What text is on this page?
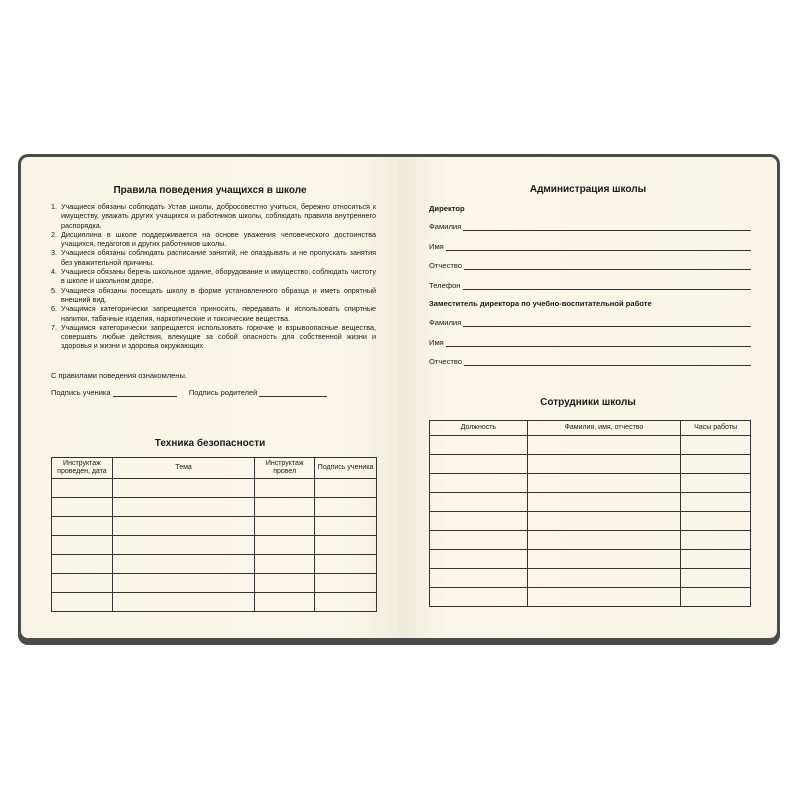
Правила поведения учащихся в школе
1. Учащиеся обязаны соблюдать Устав школы, добросовестно учиться, бережно относиться к имуществу, уважать других учащихся и работников школы, соблюдать правила внутреннего распорядка.
2. Дисциплина в школе поддерживается на основе уважения человеческого достоинства учащихся, педагогов и других работников школы.
3. Учащиеся обязаны соблюдать расписание занятий, не опаздывать и не пропускать занятия без уважительной причины.
4. Учащиеся обязаны беречь школьное здание, оборудование и имущество, соблюдать чистоту в школе и школьном дворе.
5. Учащиеся обязаны посещать школу в форме установленного образца и иметь опрятный внешний вид.
6. Учащимся категорически запрещается приносить, передавать и использовать спиртные напитки, табачные изделия, наркотические и токсические вещества.
7. Учащимся категорически запрещается использовать горючие и взрывоопасные вещества, совершать любые действия, влекущие за собой опасность для собственной жизни и здоровья и жизни и здоровья окружающих.
С правилами поведения ознакомлены.
Подпись ученика	Подпись родителей
Техника безопасности
Инструктаж проведен, дата	Тема	Инструктаж провел	Подпись ученика

Администрация школы
Директор
Фамилия
Имя
Отчество
Телефон
Заместитель директора по учебно-воспитательной работе
Фамилия
Имя
Отчество
Сотрудники школы
Должность	Фамилия, имя, отчество	Часы работы
